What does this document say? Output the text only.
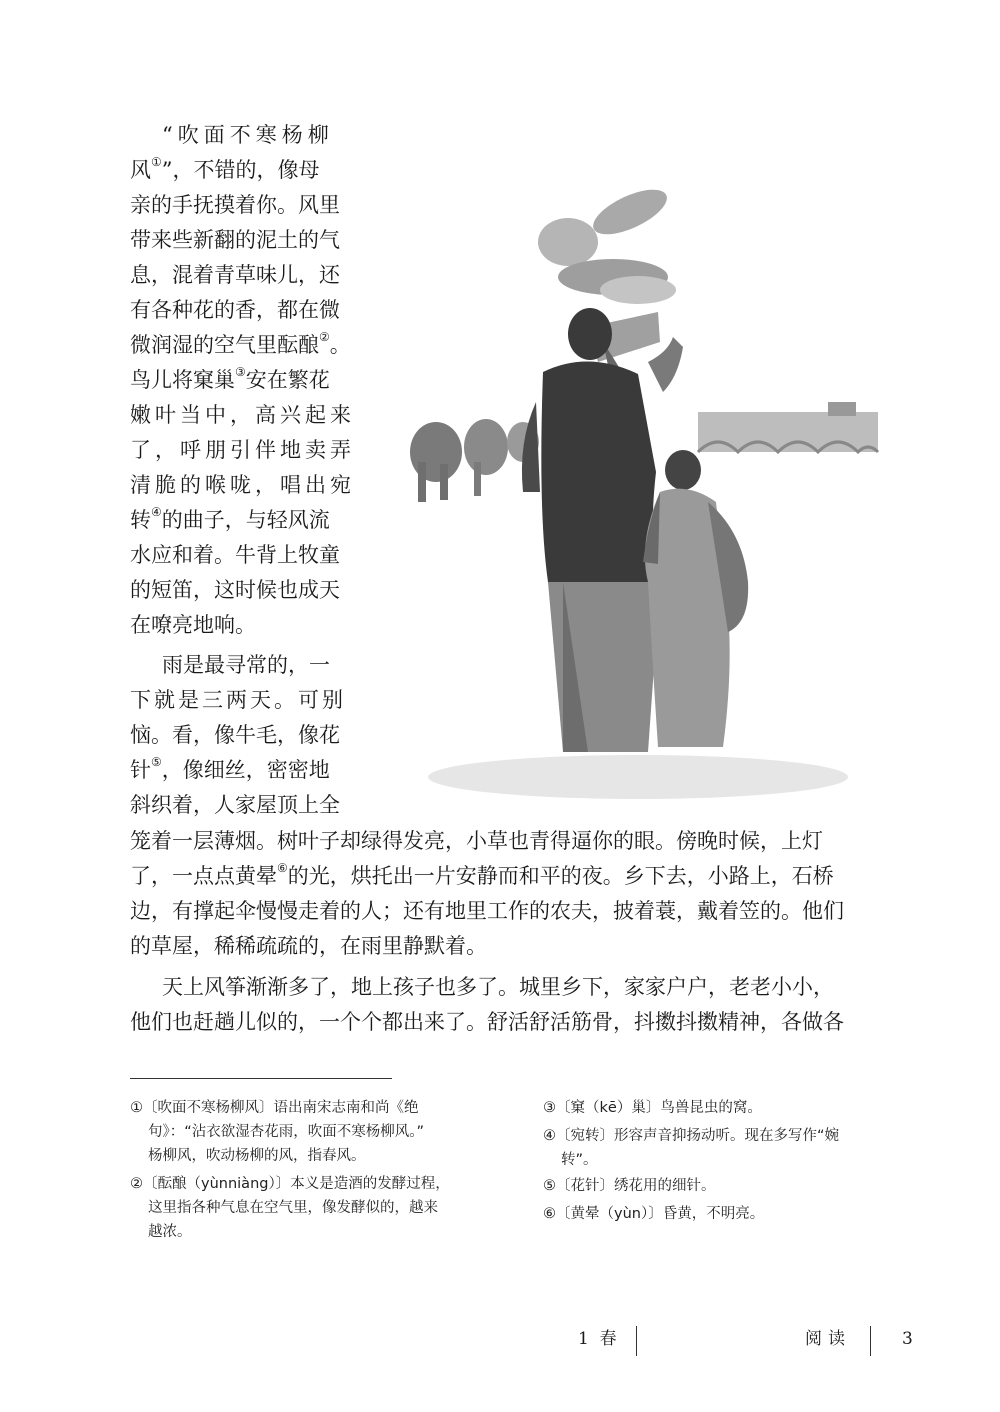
“吹面不寒杨柳
风①”，不错的，像母
亲的手抚摸着你。风里
带来些新翻的泥土的气
息，混着青草味儿，还
有各种花的香，都在微
微润湿的空气里酝酿②。
鸟儿将窠巢③安在繁花
嫩叶当中，高兴起来
了，呼朋引伴地卖弄
清脆的喉咙，唱出宛
转④的曲子，与轻风流
水应和着。牛背上牧童
的短笛，这时候也成天
在嘹亮地响。
雨是最寻常的，一
下就是三两天。可别
恼。看，像牛毛，像花
针⑤，像细丝，密密地
斜织着，人家屋顶上全
笼着一层薄烟。树叶子却绿得发亮，小草也青得逼你的眼。傍晚时候，上灯
了，一点点黄晕⑥的光，烘托出一片安静而和平的夜。乡下去，小路上，石桥
边，有撑起伞慢慢走着的人；还有地里工作的农夫，披着蓑，戴着笠的。他们
的草屋，稀稀疏疏的，在雨里静默着。
天上风筝渐渐多了，地上孩子也多了。城里乡下，家家户户，老老小小，
他们也赶趟儿似的，一个个都出来了。舒活舒活筋骨，抖擞抖擞精神，各做各
①〔吹面不寒杨柳风〕语出南宋志南和尚《绝
句》：“沾衣欲湿杏花雨，吹面不寒杨柳风。”
杨柳风，吹动杨柳的风，指春风。
②〔酝酿（yùnniàng）〕本义是造酒的发酵过程，
这里指各种气息在空气里，像发酵似的，越来
越浓。
③〔窠（kē）巢〕鸟兽昆虫的窝。
④〔宛转〕形容声音抑扬动听。现在多写作“婉
转”。
⑤〔花针〕绣花用的细针。
⑥〔黄晕（yùn）〕昏黄，不明亮。
1  春	阅读	3
